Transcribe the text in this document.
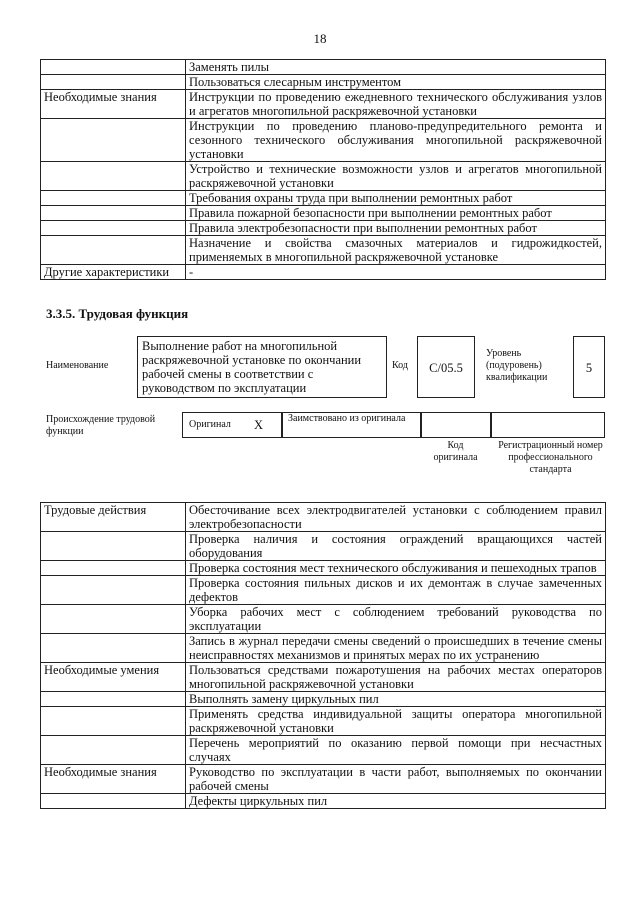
18
	Заменять пилы
	Пользоваться слесарным инструментом
Необходимые знания	Инструкции по проведению ежедневного технического обслуживания узлов и агрегатов многопильной раскряжевочной установки
	Инструкции по проведению планово-предупредительного ремонта и сезонного технического обслуживания многопильной раскряжевочной установки
	Устройство и технические возможности узлов и агрегатов многопильной раскряжевочной установки
	Требования охраны труда при выполнении ремонтных работ
	Правила пожарной безопасности при выполнении ремонтных работ
	Правила электробезопасности при выполнении ремонтных работ
	Назначение и свойства смазочных материалов и гидрожидкостей, применяемых в многопильной раскряжевочной установке
Другие характеристики	-
3.3.5. Трудовая функция
Наименование
Выполнение работ на многопильной раскряжевочной установке по окончании рабочей смены в соответствии с руководством по эксплуатации
Код	С/05.5
Уровень (подуровень) квалификации
5
Происхождение трудовой функции
Оригинал X Заимствовано из оригинала
Код оригинала
Регистрационный номер профессионального стандарта
Трудовые действия	Обесточивание всех электродвигателей установки с соблюдением правил электробезопасности
	Проверка наличия и состояния ограждений вращающихся частей оборудования
	Проверка состояния мест технического обслуживания и пешеходных трапов
	Проверка состояния пильных дисков и их демонтаж в случае замеченных дефектов
	Уборка рабочих мест с соблюдением требований руководства по эксплуатации
	Запись в журнал передачи смены сведений о происшедших в течение смены неисправностях механизмов и принятых мерах по их устранению
Необходимые умения	Пользоваться средствами пожаротушения на рабочих местах операторов многопильной раскряжевочной установки
	Выполнять замену циркульных пил
	Применять средства индивидуальной защиты оператора многопильной раскряжевочной установки
	Перечень мероприятий по оказанию первой помощи при несчастных случаях
Необходимые знания	Руководство по эксплуатации в части работ, выполняемых по окончании рабочей смены
	Дефекты циркульных пил
